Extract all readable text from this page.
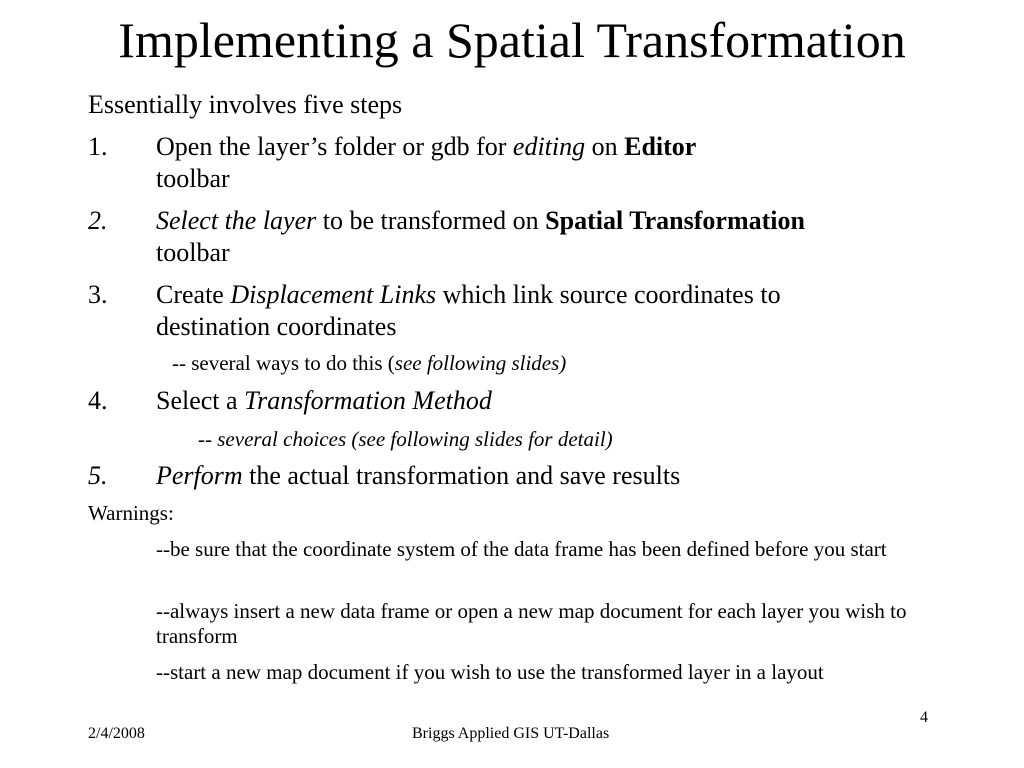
Implementing a Spatial Transformation
Essentially involves five steps
1. Open the layer’s folder or gdb for editing on Editor
toolbar
2. Select the layer to be transformed on Spatial Transformation toolbar
3. Create Displacement Links which link source coordinates to destination coordinates
-- several ways to do this (see following slides)
4. Select a Transformation Method
-- several choices (see following slides for detail)
5. Perform the actual transformation and save results
Warnings:
--be sure that the coordinate system of the data frame has been defined before you start
--always insert a new data frame or open a new map document for each layer you wish to transform
--start a new map document if you wish to use the transformed layer in a layout
2/4/2008	Briggs Applied GIS UT-Dallas
4
